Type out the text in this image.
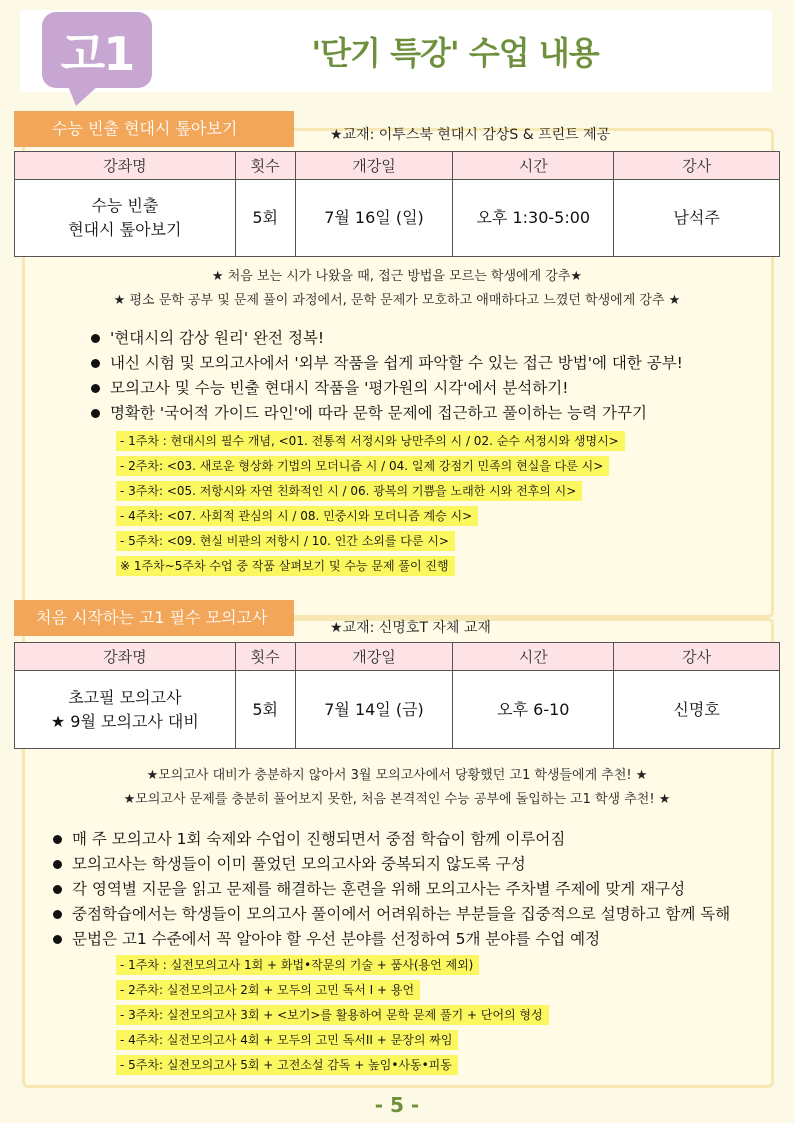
고1	'단기 특강' 수업 내용
수능 빈출 현대시 톺아보기	★교재: 이투스북 현대시 감상S & 프린트 제공
강좌명	횟수	개강일	시간	강사

수능 빈출
현대시 톺아보기	5회	7월 16일 (일)	오후 1:30-5:00	남석주
★ 처음 보는 시가 나왔을 때, 접근 방법을 모르는 학생에게 강추★
★ 평소 문학 공부 및 문제 풀이 과정에서, 문학 문제가 모호하고 애매하다고 느꼈던 학생에게 강추 ★
'현대시의 감상 원리' 완전 정복!
내신 시험 및 모의고사에서 '외부 작품을 쉽게 파악할 수 있는 접근 방법'에 대한 공부!
모의고사 및 수능 빈출 현대시 작품을 '평가원의 시각'에서 분석하기!
명확한 '국어적 가이드 라인'에 따라 문학 문제에 접근하고 풀이하는 능력 가꾸기
- 1주차 : 현대시의 필수 개념, <01. 전통적 서정시와 낭만주의 시 / 02. 순수 서정시와 생명시>
- 2주차: <03. 새로운 형상화 기법의 모더니즘 시 / 04. 일제 강점기 민족의 현실을 다룬 시>
- 3주차: <05. 저항시와 자연 친화적인 시 / 06. 광복의 기쁨을 노래한 시와 전후의 시>
- 4주차: <07. 사회적 관심의 시 / 08. 민중시와 모더니즘 계승 시>
- 5주차: <09. 현실 비판의 저항시 / 10. 인간 소외를 다룬 시>
※ 1주차~5주차 수업 중 작품 살펴보기 및 수능 문제 풀이 진행
처음 시작하는 고1 필수 모의고사
★교재: 신명호T 자체 교재
강좌명	횟수	개강일	시간	강사

초고필 모의고사
★ 9월 모의고사 대비	5회	7월 14일 (금)	오후 6-10	신명호
★모의고사 대비가 충분하지 않아서 3월 모의고사에서 당황했던 고1 학생들에게 추천! ★
★모의고사 문제를 충분히 풀어보지 못한, 처음 본격적인 수능 공부에 돌입하는 고1 학생 추천! ★
매 주 모의고사 1회 숙제와 수업이 진행되면서 중점 학습이 함께 이루어짐
모의고사는 학생들이 이미 풀었던 모의고사와 중복되지 않도록 구성
각 영역별 지문을 읽고 문제를 해결하는 훈련을 위해 모의고사는 주차별 주제에 맞게 재구성
중점학습에서는 학생들이 모의고사 풀이에서 어려워하는 부분들을 집중적으로 설명하고 함께 독해
문법은 고1 수준에서 꼭 알아야 할 우선 분야를 선정하여 5개 분야를 수업 예정
- 1주차 : 실전모의고사 1회 + 화법•작문의 기술 + 품사(용언 제외)
- 2주차: 실전모의고사 2회 + 모두의 고민 독서 I + 용언
- 3주차: 실전모의고사 3회 + <보기>를 활용하여 문학 문제 풀기 + 단어의 형성
- 4주차: 실전모의고사 4회 + 모두의 고민 독서II + 문장의 짜임
- 5주차: 실전모의고사 5회 + 고전소설 감독 + 높임•사동•피동
- 5 -
